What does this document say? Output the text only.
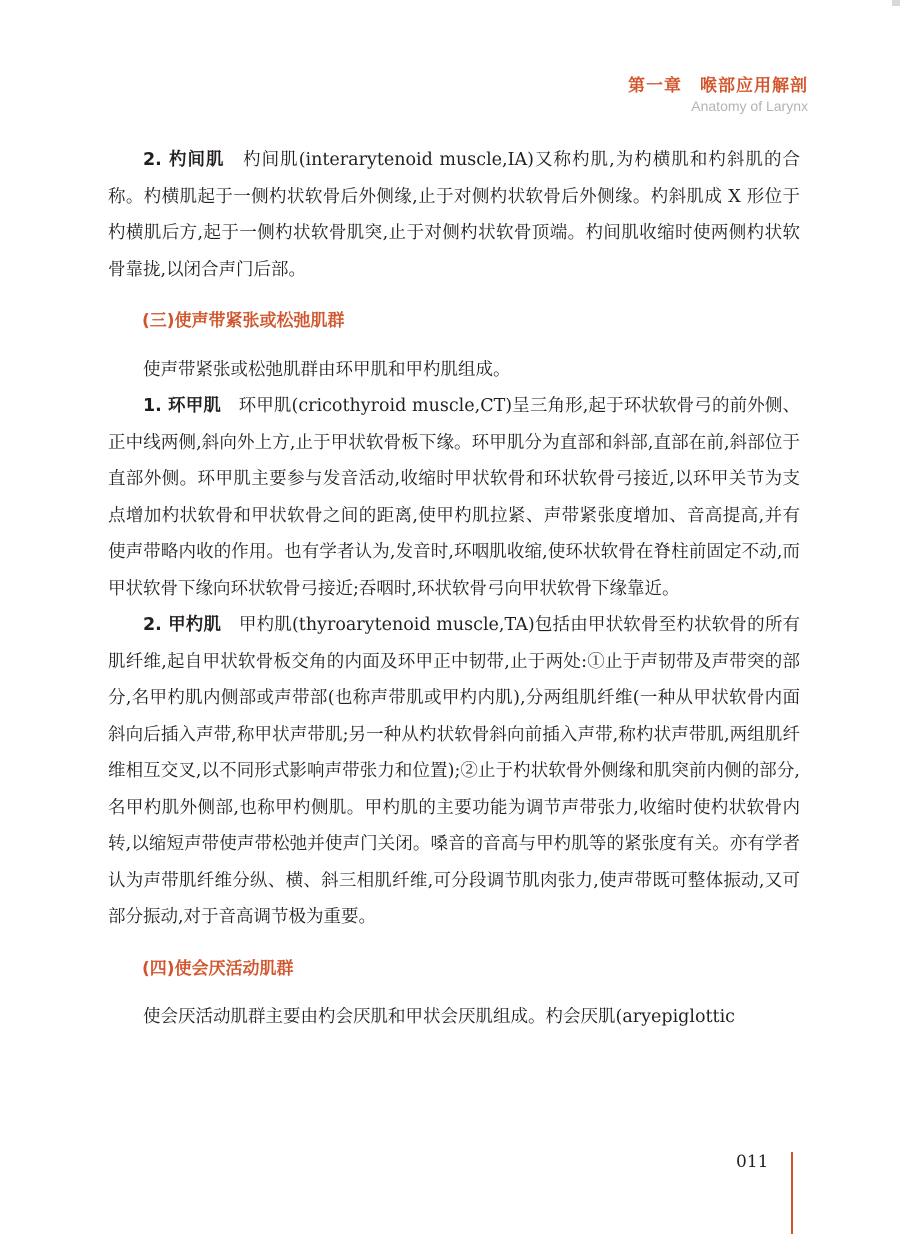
第一章　喉部应用解剖
Anatomy of Larynx

2. 杓间肌　 杓间肌(interarytenoid muscle,IA)又称杓肌,为杓横肌和杓斜肌的合称。杓横肌起于一侧杓状软骨后外侧缘,止于对侧杓状软骨后外侧缘。杓斜肌成 X 形位于杓横肌后方,起于一侧杓状软骨肌突,止于对侧杓状软骨顶端。杓间肌收缩时使两侧杓状软骨靠拢,以闭合声门后部。

(三)使声带紧张或松弛肌群

使声带紧张或松弛肌群由环甲肌和甲杓肌组成。

1. 环甲肌　 环甲肌(cricothyroid muscle,CT)呈三角形,起于环状软骨弓的前外侧、正中线两侧,斜向外上方,止于甲状软骨板下缘。环甲肌分为直部和斜部,直部在前,斜部位于直部外侧。环甲肌主要参与发音活动,收缩时甲状软骨和环状软骨弓接近,以环甲关节为支点增加杓状软骨和甲状软骨之间的距离,使甲杓肌拉紧、声带紧张度增加、音高提高,并有使声带略内收的作用。也有学者认为,发音时,环咽肌收缩,使环状软骨在脊柱前固定不动,而甲状软骨下缘向环状软骨弓接近;吞咽时,环状软骨弓向甲状软骨下缘靠近。

2. 甲杓肌　 甲杓肌(thyroarytenoid muscle,TA)包括由甲状软骨至杓状软骨的所有肌纤维,起自甲状软骨板交角的内面及环甲正中韧带,止于两处:①止于声韧带及声带突的部分,名甲杓肌内侧部或声带部(也称声带肌或甲杓内肌),分两组肌纤维(一种从甲状软骨内面斜向后插入声带,称甲状声带肌;另一种从杓状软骨斜向前插入声带,称杓状声带肌,两组肌纤维相互交叉,以不同形式影响声带张力和位置);②止于杓状软骨外侧缘和肌突前内侧的部分,名甲杓肌外侧部,也称甲杓侧肌。甲杓肌的主要功能为调节声带张力,收缩时使杓状软骨内转,以缩短声带使声带松弛并使声门关闭。嗓音的音高与甲杓肌等的紧张度有关。亦有学者认为声带肌纤维分纵、横、斜三相肌纤维,可分段调节肌肉张力,使声带既可整体振动,又可部分振动,对于音高调节极为重要。

(四)使会厌活动肌群

使会厌活动肌群主要由杓会厌肌和甲状会厌肌组成。杓会厌肌(aryepiglottic

011
